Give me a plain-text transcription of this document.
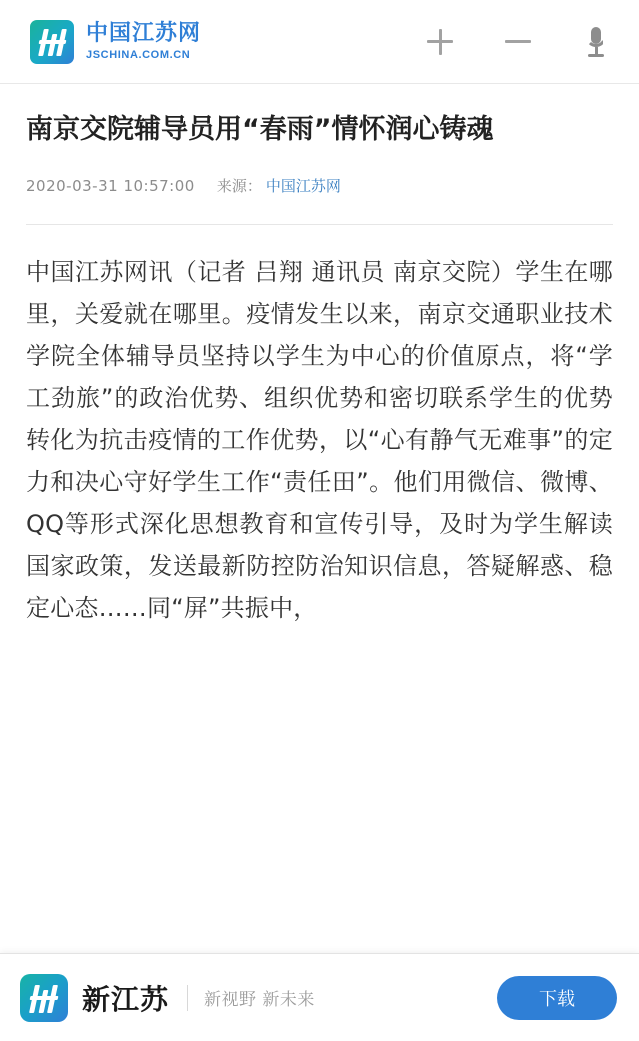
中国江苏网
JSCHINA.COM.CN
南京交院辅导员用“春雨”情怀润心铸魂
2020-03-31 10:57:00 来源： 中国江苏网

中国江苏网讯（记者 吕翔 通讯员 南京交院）学生在哪里，关爱就在哪里。疫情发生以来，南京交通职业技术学院全体辅导员坚持以学生为中心的价值原点，将“学工劲旅”的政治优势、组织优势和密切联系学生的优势转化为抗击疫情的工作优势，以“心有静气无难事”的定力和决心守好学生工作“责任田”。他们用微信、微博、QQ等形式深化思想教育和宣传引导，及时为学生解读国家政策，发送最新防控防治知识信息，答疑解惑、稳定心态……同“屏”共振中，

新江苏 新视野 新未来	下载
